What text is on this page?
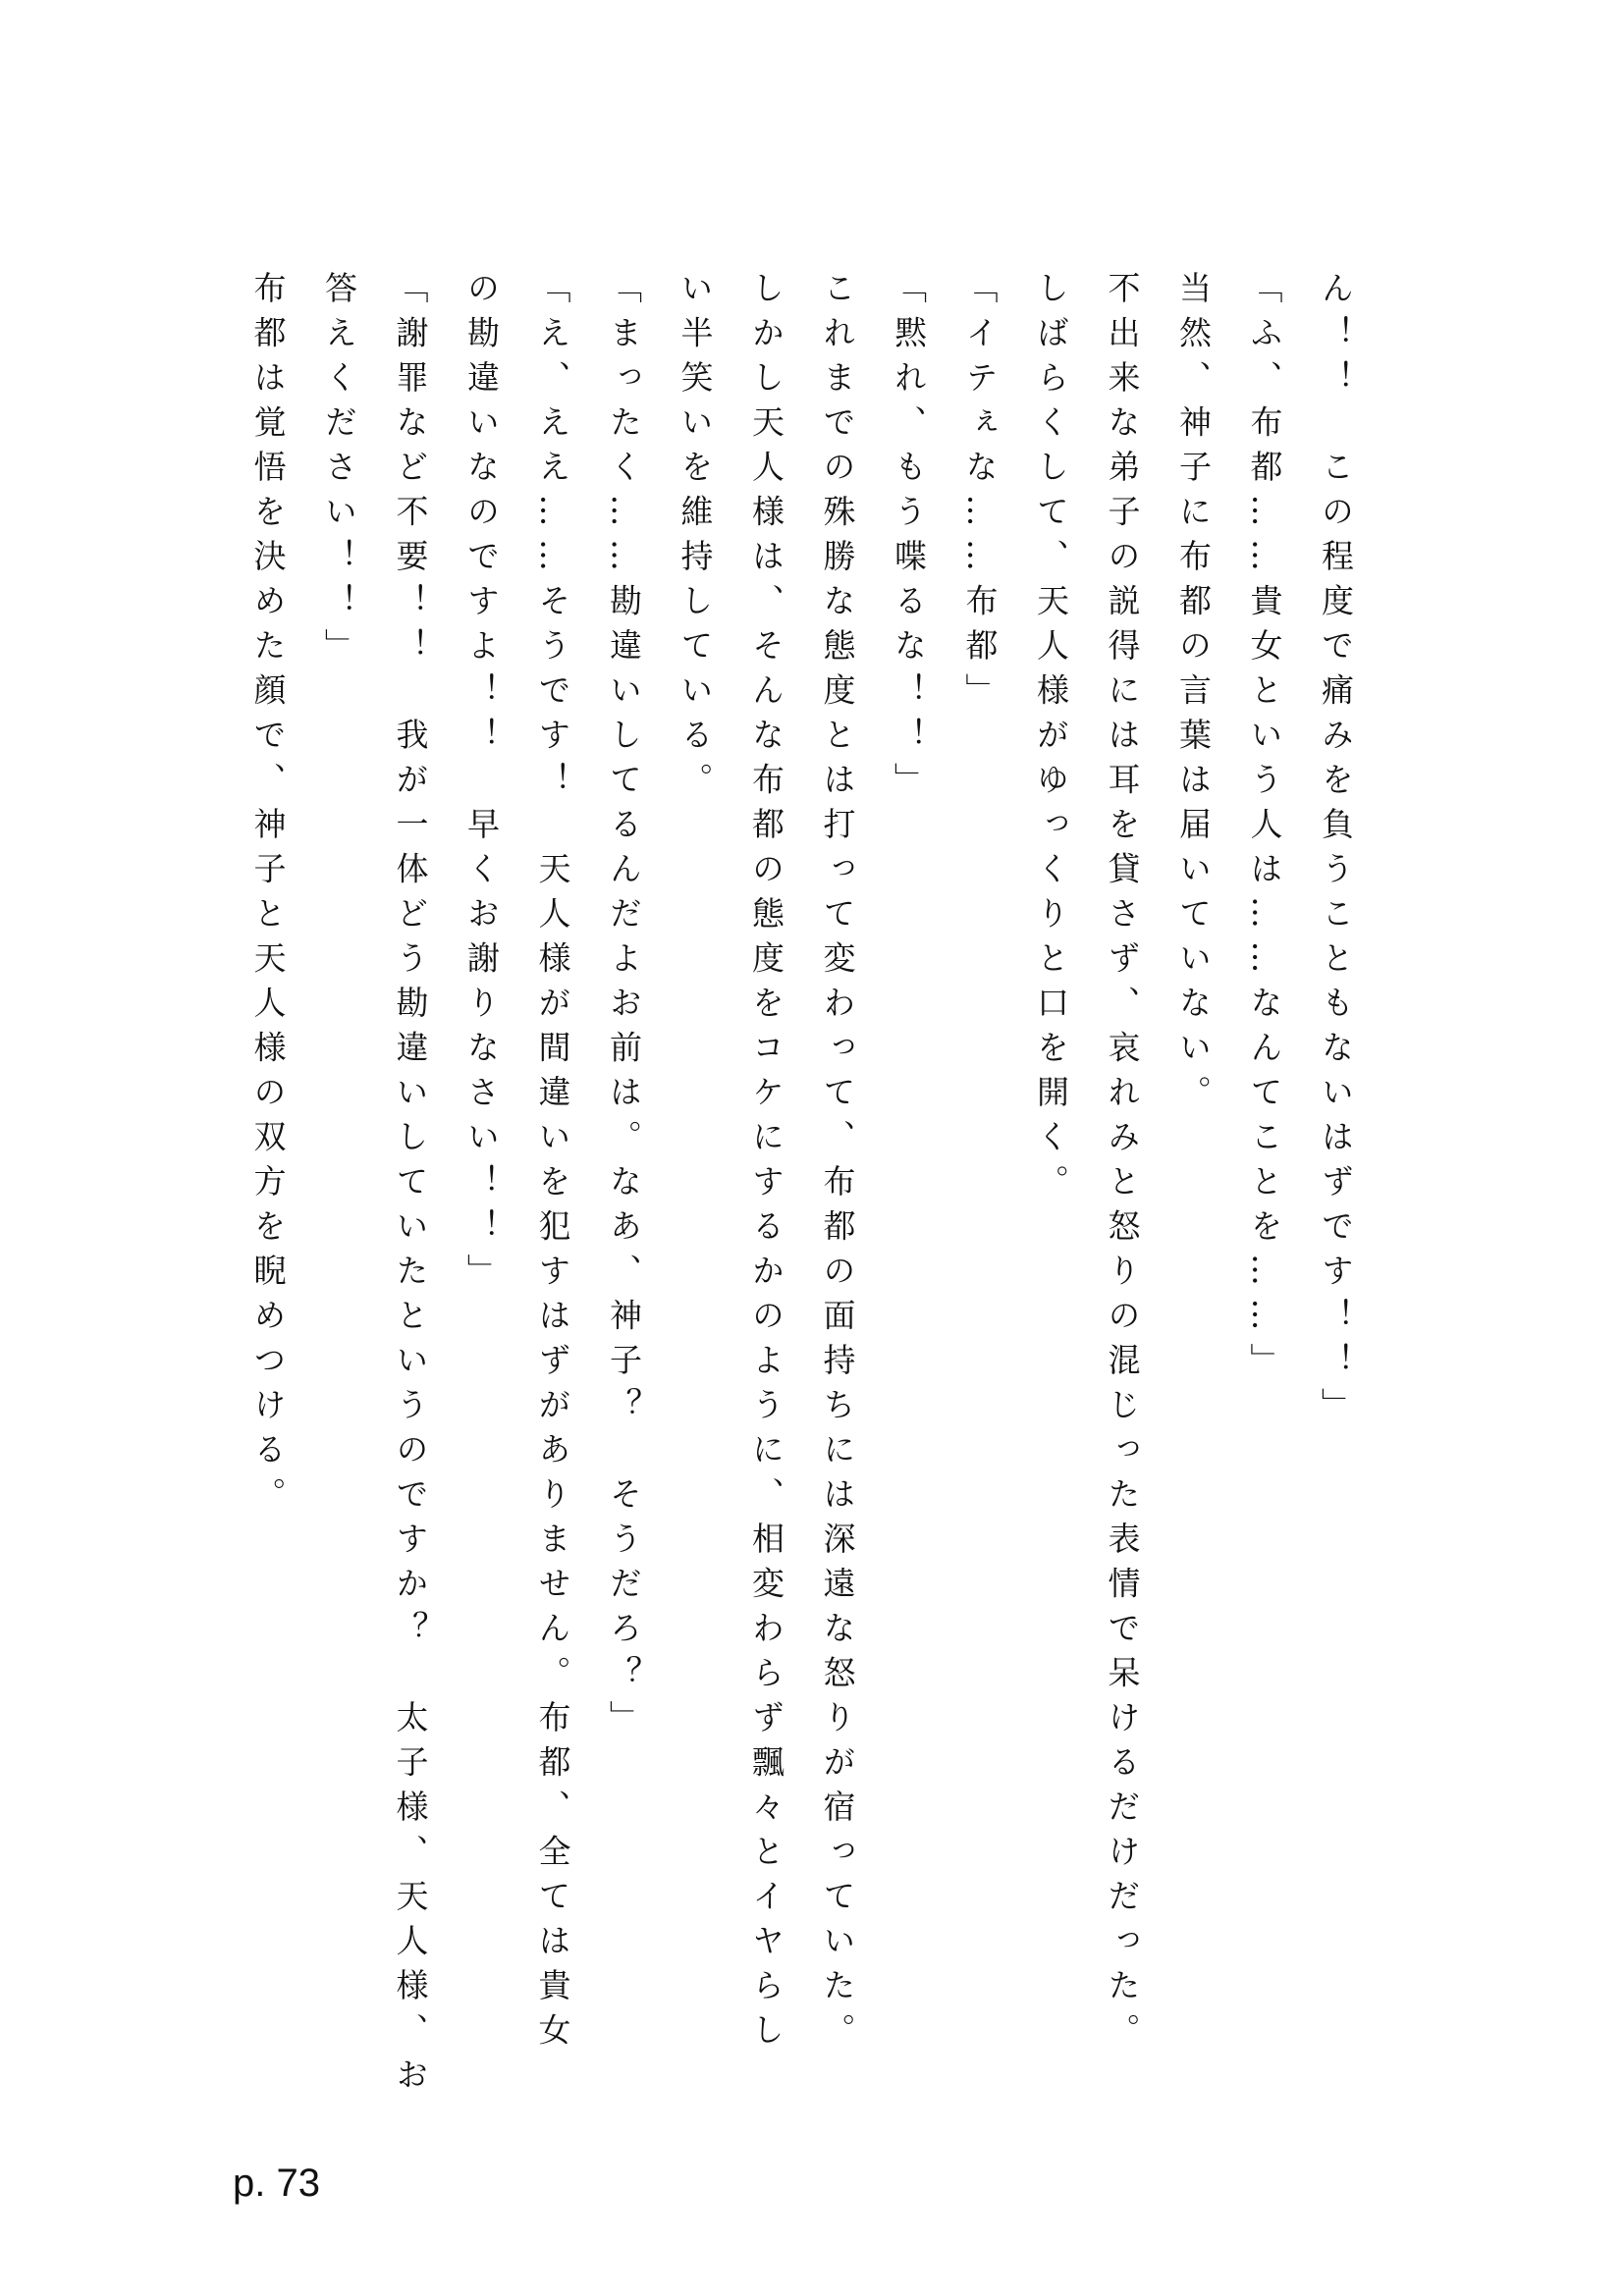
ん！！　この程度で痛みを負うこともないはずです！！」
「ふ、布都……貴女という人は……なんてことを……」
当然、神子に布都の言葉は届いていない。
不出来な弟子の説得には耳を貸さず、哀れみと怒りの混じった表情で呆けるだけだった。
しばらくして、天人様がゆっくりと口を開く。
「イテぇな……布都」
「黙れ、もう喋るな！！」
これまでの殊勝な態度とは打って変わって、布都の面持ちには深遠な怒りが宿っていた。
しかし天人様は、そんな布都の態度をコケにするかのように、相変わらず飄々とイヤらし
い半笑いを維持している。
「まったく……勘違いしてるんだよお前は。なあ、神子？　そうだろ？」
「え、ええ……そうです！　天人様が間違いを犯すはずがありません。布都、全ては貴女
の勘違いなのですよ！！　早くお謝りなさい！！」
「謝罪など不要！！　我が一体どう勘違いしていたというのですか？　太子様、天人様、お
答えください！！」
布都は覚悟を決めた顔で、神子と天人様の双方を睨めつける。
p. 73
